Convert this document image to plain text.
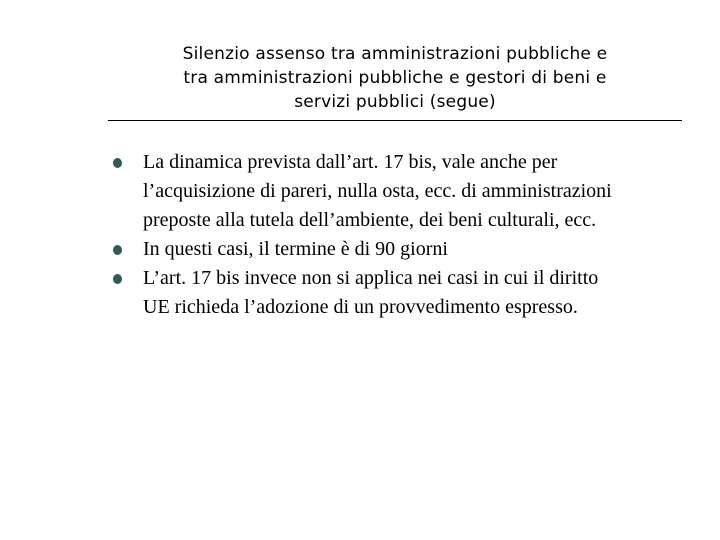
Silenzio assenso tra amministrazioni pubbliche e
tra amministrazioni pubbliche e gestori di beni e
servizi pubblici (segue)
La dinamica prevista dall’art. 17 bis, vale anche per
l’acquisizione di pareri, nulla osta, ecc. di amministrazioni
preposte alla tutela dell’ambiente, dei beni culturali, ecc.
In questi casi, il termine è di 90 giorni
L’art. 17 bis invece non si applica nei casi in cui il diritto
UE richieda l’adozione di un provvedimento espresso.
